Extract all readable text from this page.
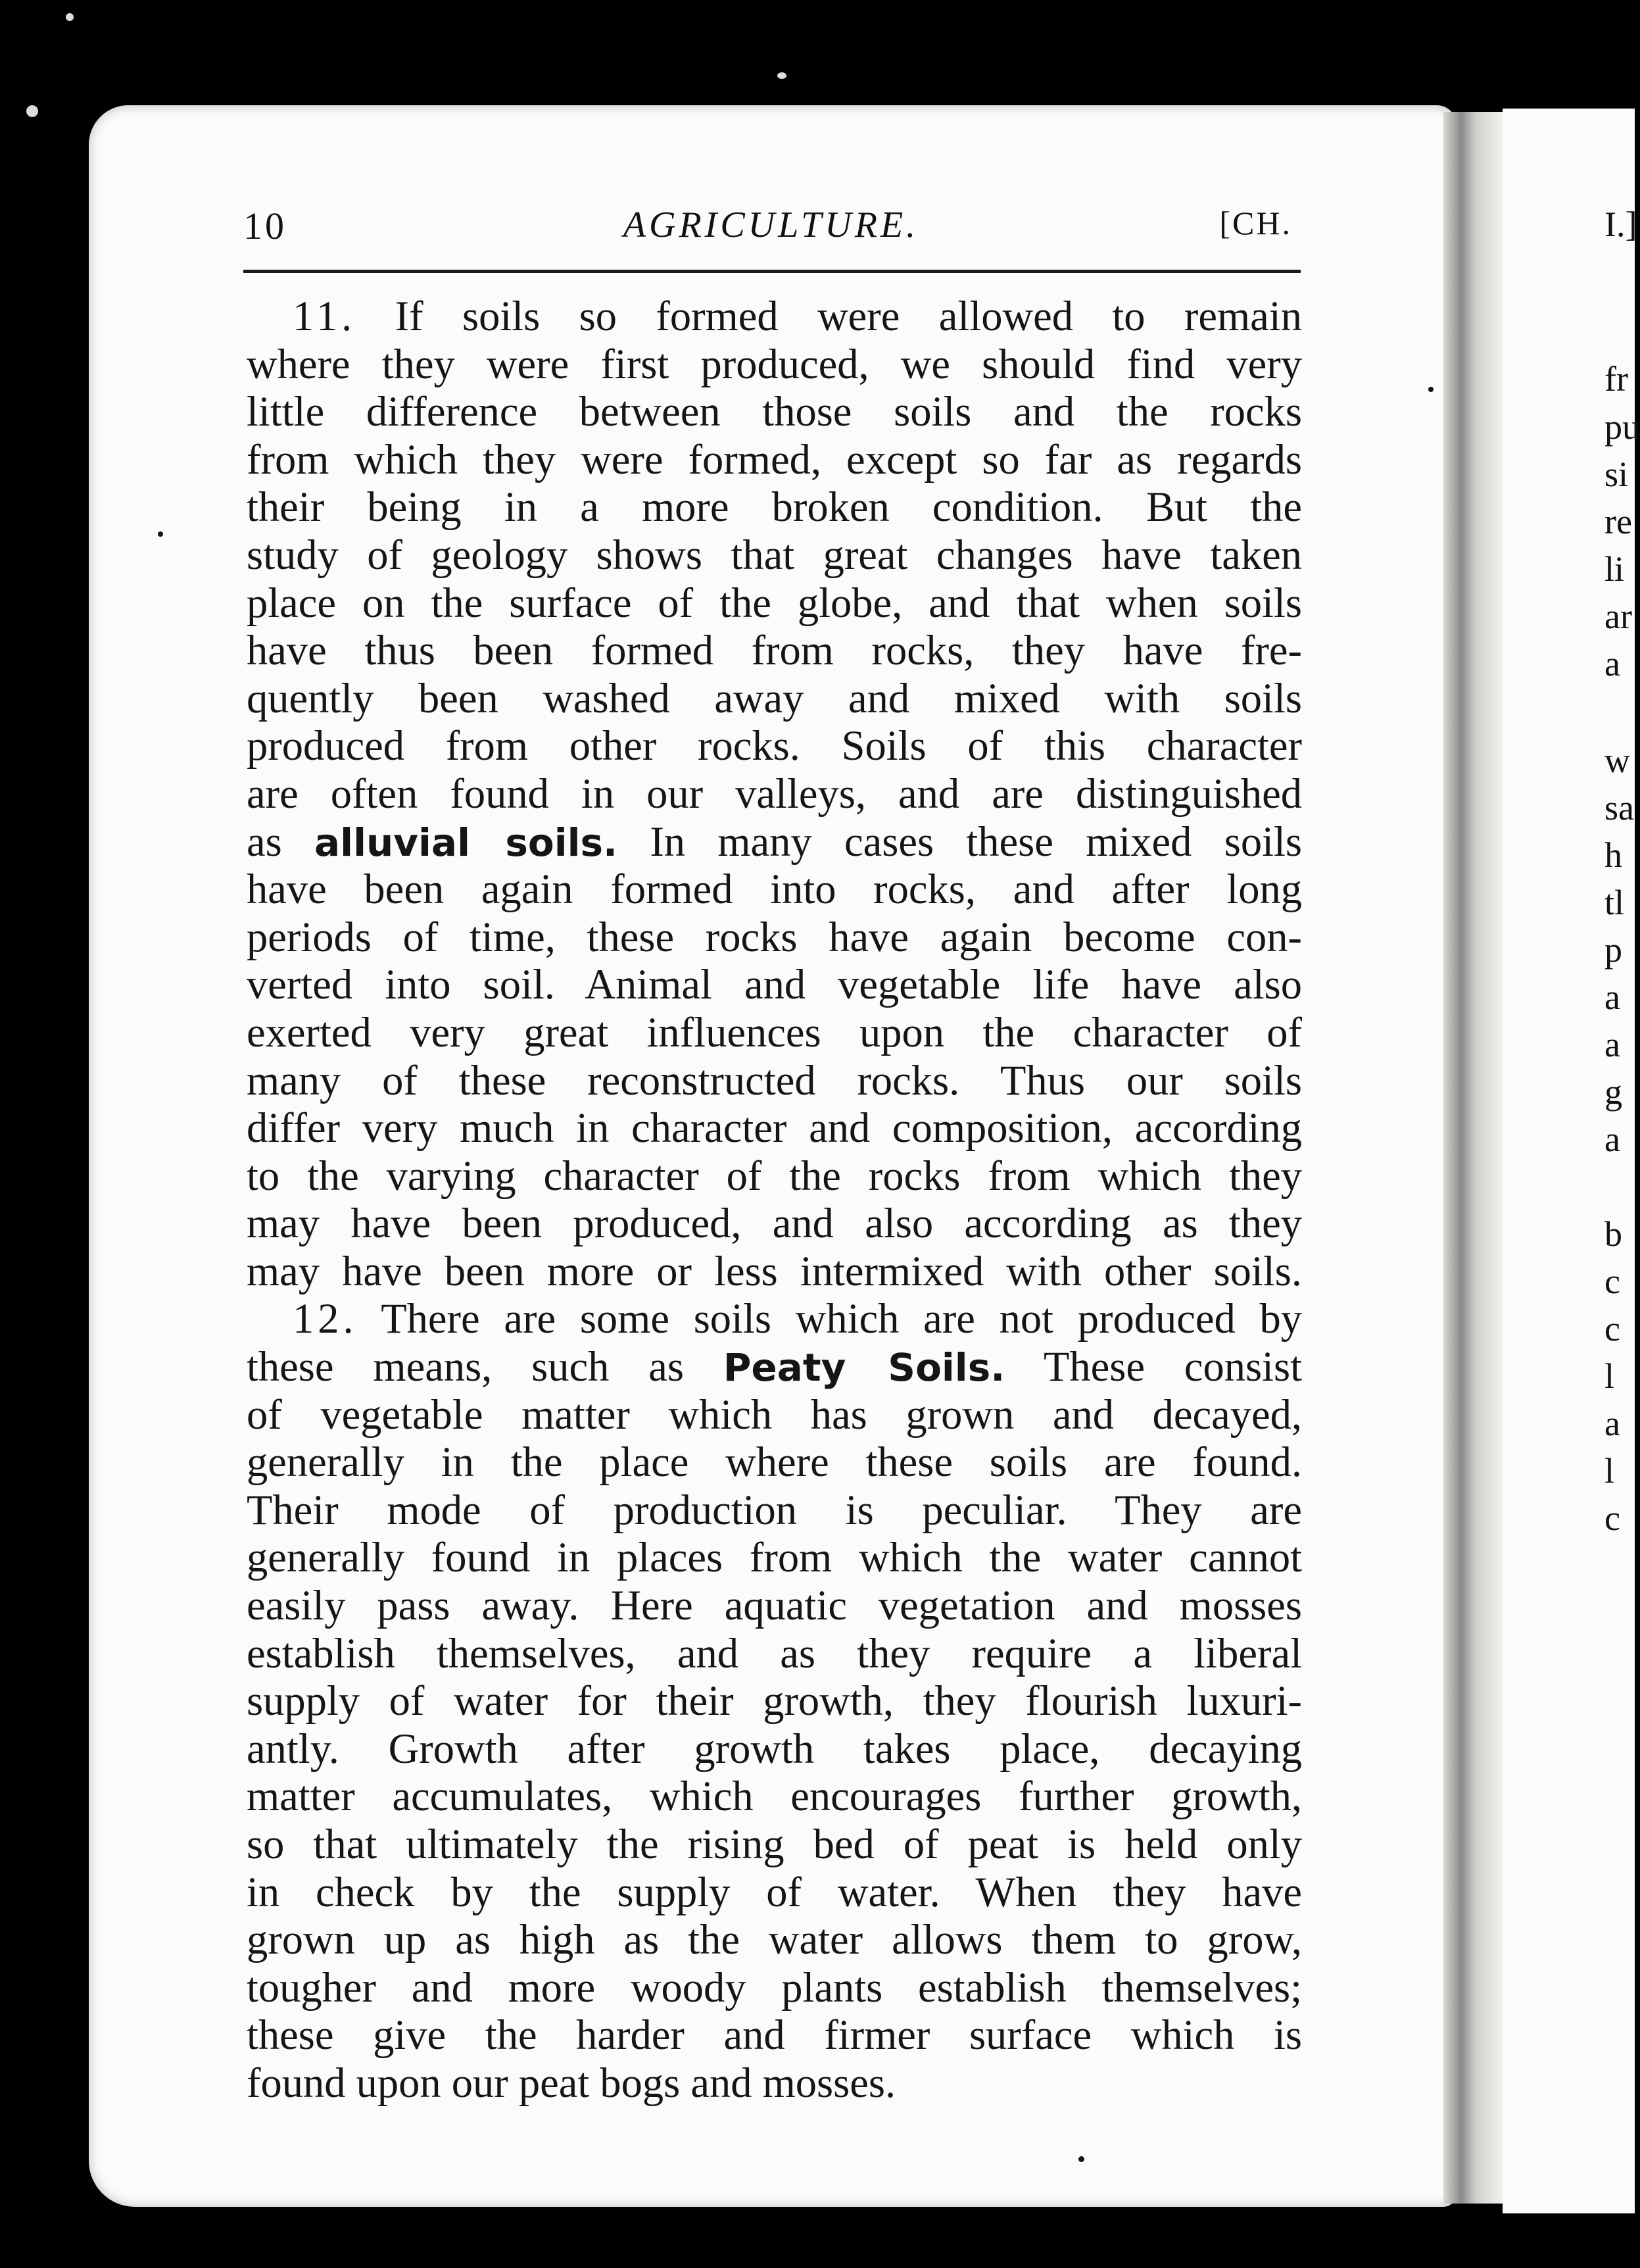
10	AGRICULTURE.	[CH.
11. If soils so formed were allowed to remain
where they were first produced, we should find very
little difference between those soils and the rocks
from which they were formed, except so far as regards
their being in a more broken condition. But the
study of geology shows that great changes have taken
place on the surface of the globe, and that when soils
have thus been formed from rocks, they have fre-
quently been washed away and mixed with soils
produced from other rocks. Soils of this character
are often found in our valleys, and are distinguished
as alluvial soils. In many cases these mixed soils
have been again formed into rocks, and after long
periods of time, these rocks have again become con-
verted into soil. Animal and vegetable life have also
exerted very great influences upon the character of
many of these reconstructed rocks. Thus our soils
differ very much in character and composition, according
to the varying character of the rocks from which they
may have been produced, and also according as they
may have been more or less intermixed with other soils.
12. There are some soils which are not produced by
these means, such as Peaty Soils. These consist
of vegetable matter which has grown and decayed,
generally in the place where these soils are found.
Their mode of production is peculiar. They are
generally found in places from which the water cannot
easily pass away. Here aquatic vegetation and mosses
establish themselves, and as they require a liberal
supply of water for their growth, they flourish luxuri-
antly. Growth after growth takes place, decaying
matter accumulates, which encourages further growth,
so that ultimately the rising bed of peat is held only
in check by the supply of water. When they have
grown up as high as the water allows them to grow,
tougher and more woody plants establish themselves;
these give the harder and firmer surface which is
found upon our peat bogs and mosses.
I.]
fr
pu
si
re
li
ar
a
w
sa
h
tl
p
a
a
g
a
b
c
c
l
a
l
c
